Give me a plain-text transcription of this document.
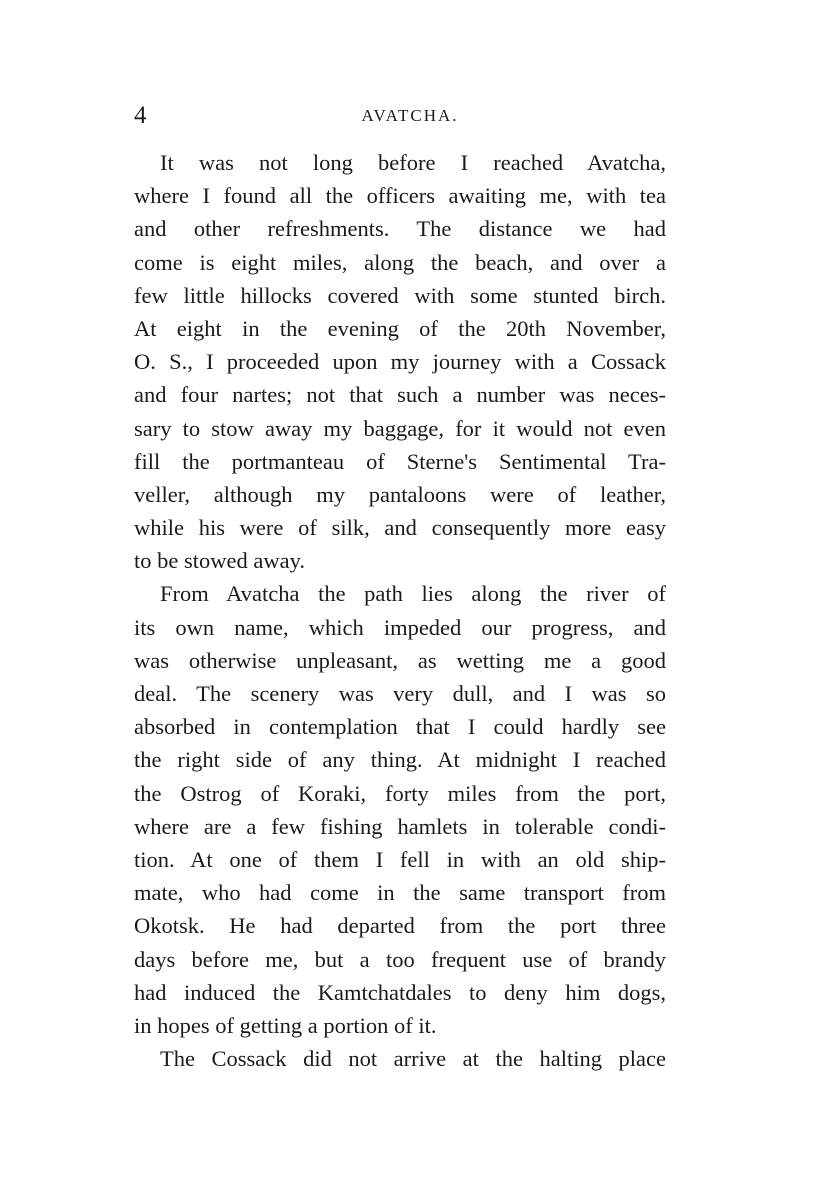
4	AVATCHA.
It was not long before I reached Avatcha,
where I found all the officers awaiting me, with tea
and other refreshments. The distance we had
come is eight miles, along the beach, and over a
few little hillocks covered with some stunted birch.
At eight in the evening of the 20th November,
O. S., I proceeded upon my journey with a Cossack
and four nartes; not that such a number was neces-
sary to stow away my baggage, for it would not even
fill the portmanteau of Sterne's Sentimental Tra-
veller, although my pantaloons were of leather,
while his were of silk, and consequently more easy
to be stowed away.
From Avatcha the path lies along the river of
its own name, which impeded our progress, and
was otherwise unpleasant, as wetting me a good
deal. The scenery was very dull, and I was so
absorbed in contemplation that I could hardly see
the right side of any thing. At midnight I reached
the Ostrog of Koraki, forty miles from the port,
where are a few fishing hamlets in tolerable condi-
tion. At one of them I fell in with an old ship-
mate, who had come in the same transport from
Okotsk. He had departed from the port three
days before me, but a too frequent use of brandy
had induced the Kamtchatdales to deny him dogs,
in hopes of getting a portion of it.
The Cossack did not arrive at the halting place
